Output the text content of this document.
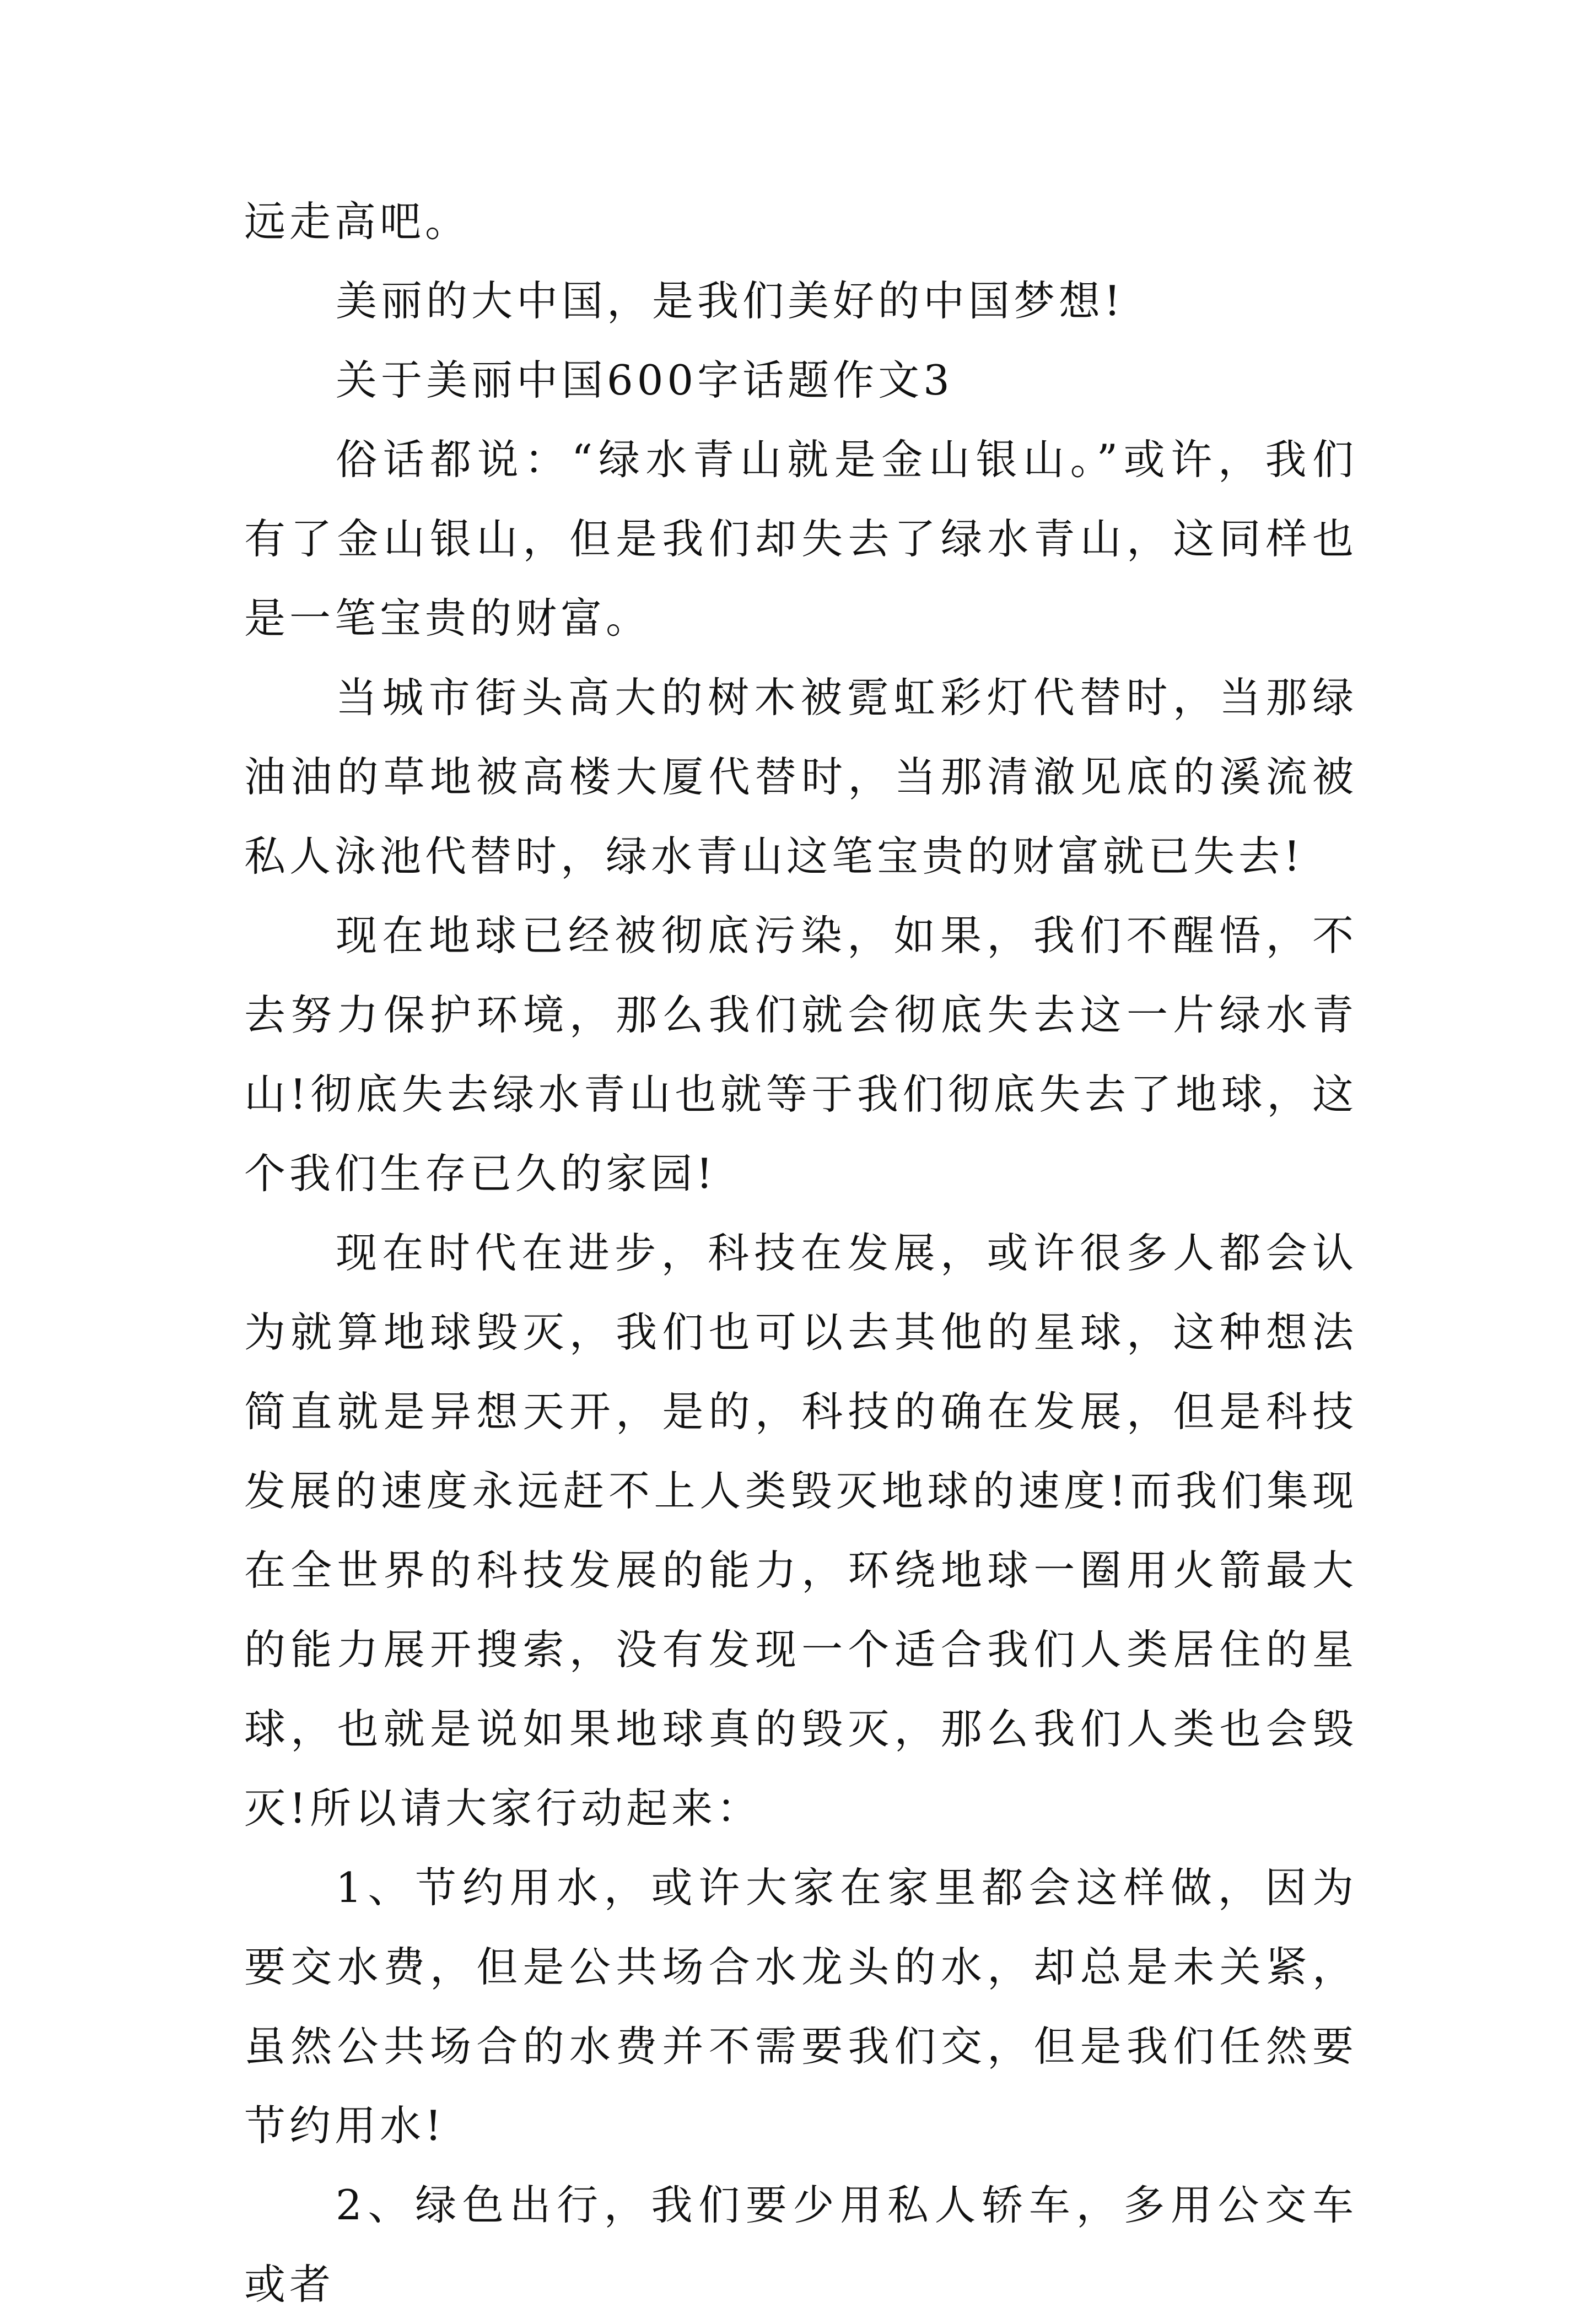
远走高吧。

美丽的大中国，是我们美好的中国梦想!

关于美丽中国600字话题作文3

俗话都说：“绿水青山就是金山银山。”或许，我们有了金山银山，但是我们却失去了绿水青山，这同样也是一笔宝贵的财富。

当城市街头高大的树木被霓虹彩灯代替时，当那绿油油的草地被高楼大厦代替时，当那清澈见底的溪流被私人泳池代替时，绿水青山这笔宝贵的财富就已失去!

现在地球已经被彻底污染，如果，我们不醒悟，不去努力保护环境，那么我们就会彻底失去这一片绿水青山!彻底失去绿水青山也就等于我们彻底失去了地球，这个我们生存已久的家园!

现在时代在进步，科技在发展，或许很多人都会认为就算地球毁灭，我们也可以去其他的星球，这种想法简直就是异想天开，是的，科技的确在发展，但是科技发展的速度永远赶不上人类毁灭地球的速度!而我们集现在全世界的科技发展的能力，环绕地球一圈用火箭最大的能力展开搜索，没有发现一个适合我们人类居住的星球，也就是说如果地球真的毁灭，那么我们人类也会毁灭!所以请大家行动起来：

1、节约用水，或许大家在家里都会这样做，因为要交水费，但是公共场合水龙头的水，却总是未关紧，虽然公共场合的水费并不需要我们交，但是我们任然要节约用水!

2、绿色出行，我们要少用私人轿车，多用公交车或者
